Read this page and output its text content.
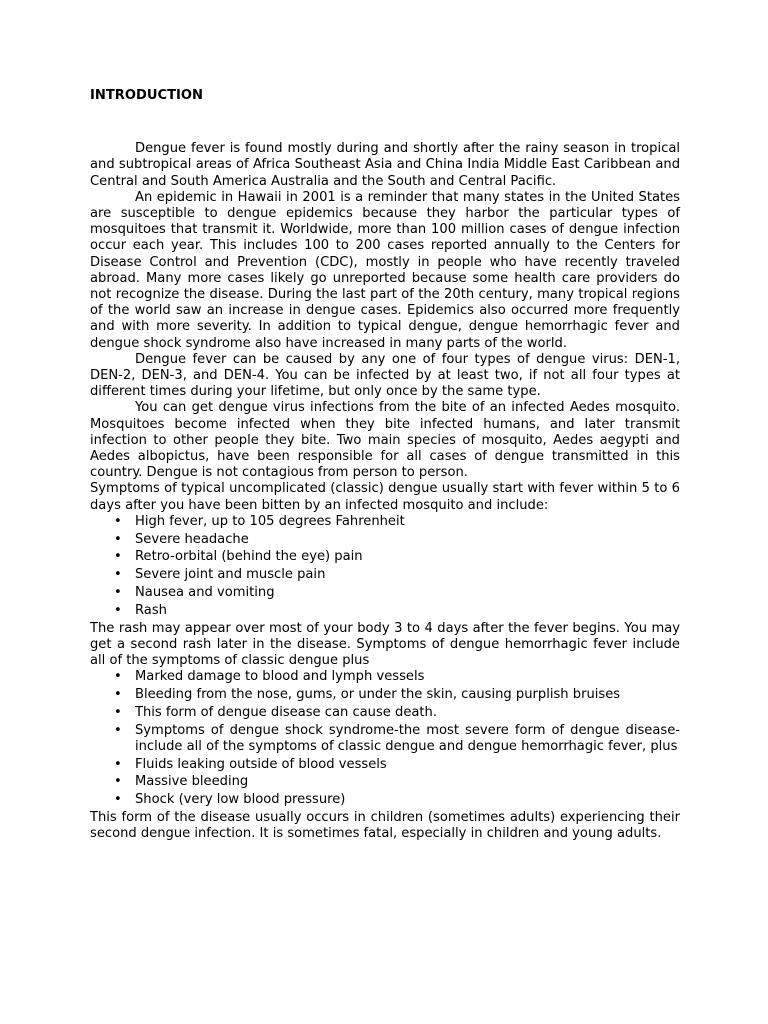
INTRODUCTION

Dengue fever is found mostly during and shortly after the rainy season in tropical and subtropical areas of Africa Southeast Asia and China India Middle East Caribbean and Central and South America Australia and the South and Central Pacific.

An epidemic in Hawaii in 2001 is a reminder that many states in the United States are susceptible to dengue epidemics because they harbor the particular types of mosquitoes that transmit it. Worldwide, more than 100 million cases of dengue infection occur each year. This includes 100 to 200 cases reported annually to the Centers for Disease Control and Prevention (CDC), mostly in people who have recently traveled abroad. Many more cases likely go unreported because some health care providers do not recognize the disease. During the last part of the 20th century, many tropical regions of the world saw an increase in dengue cases. Epidemics also occurred more frequently and with more severity. In addition to typical dengue, dengue hemorrhagic fever and dengue shock syndrome also have increased in many parts of the world.

Dengue fever can be caused by any one of four types of dengue virus: DEN-1, DEN-2, DEN-3, and DEN-4. You can be infected by at least two, if not all four types at different times during your lifetime, but only once by the same type.

You can get dengue virus infections from the bite of an infected Aedes mosquito. Mosquitoes become infected when they bite infected humans, and later transmit infection to other people they bite. Two main species of mosquito, Aedes aegypti and Aedes albopictus, have been responsible for all cases of dengue transmitted in this country. Dengue is not contagious from person to person.

Symptoms of typical uncomplicated (classic) dengue usually start with fever within 5 to 6 days after you have been bitten by an infected mosquito and include:

• High fever, up to 105 degrees Fahrenheit
• Severe headache
• Retro-orbital (behind the eye) pain
• Severe joint and muscle pain
• Nausea and vomiting
• Rash

The rash may appear over most of your body 3 to 4 days after the fever begins. You may get a second rash later in the disease. Symptoms of dengue hemorrhagic fever include all of the symptoms of classic dengue plus

• Marked damage to blood and lymph vessels
• Bleeding from the nose, gums, or under the skin, causing purplish bruises
• This form of dengue disease can cause death.
• Symptoms of dengue shock syndrome-the most severe form of dengue disease-include all of the symptoms of classic dengue and dengue hemorrhagic fever, plus
• Fluids leaking outside of blood vessels
• Massive bleeding
• Shock (very low blood pressure)

This form of the disease usually occurs in children (sometimes adults) experiencing their second dengue infection. It is sometimes fatal, especially in children and young adults.
